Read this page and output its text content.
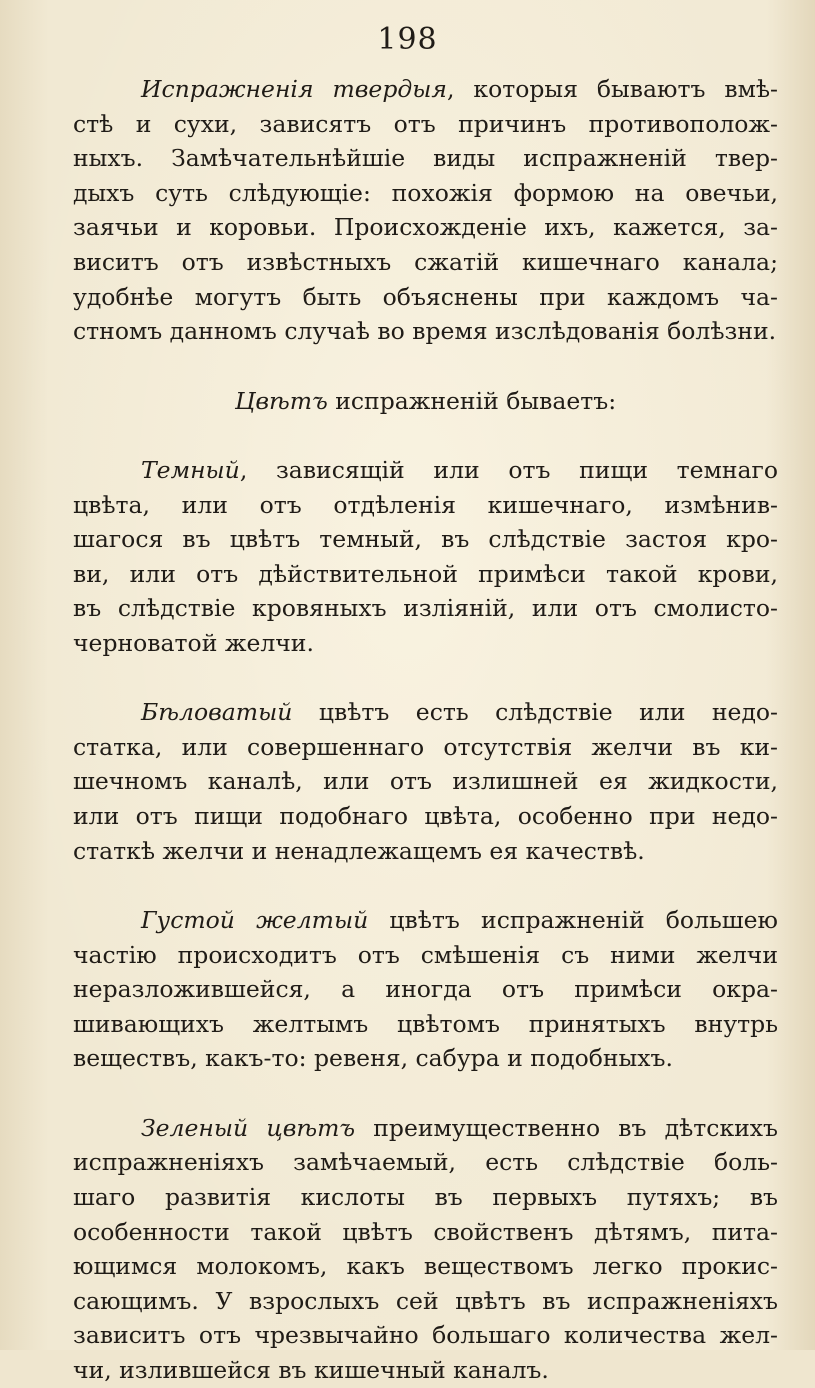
198
Испражненія твердыя, которыя бываютъ вмѣ-
стѣ и сухи, зависятъ отъ причинъ противополож-
ныхъ. Замѣчательнѣйшіе виды испражненій твер-
дыхъ суть слѣдующіе: похожія формою на овечьи,
заячьи и коровьи. Происхожденіе ихъ, кажется, за-
виситъ отъ извѣстныхъ сжатій кишечнаго канала;
удобнѣе могутъ быть объяснены при каждомъ ча-
стномъ данномъ случаѣ во время изслѣдованія болѣзни.
Цвѣтъ испражненій бываетъ:
Темный, зависящій или отъ пищи темнаго
цвѣта, или отъ отдѣленія кишечнаго, измѣнив-
шагося въ цвѣтъ темный, въ слѣдствіе застоя кро-
ви, или отъ дѣйствительной примѣси такой крови,
въ слѣдствіе кровяныхъ изліяній, или отъ смолисто-
черноватой желчи.
Бѣловатый цвѣтъ есть слѣдствіе или недо-
статка, или совершеннаго отсутствія желчи въ ки-
шечномъ каналѣ, или отъ излишней ея жидкости,
или отъ пищи подобнаго цвѣта, особенно при недо-
статкѣ желчи и ненадлежащемъ ея качествѣ.
Густой желтый цвѣтъ испражненій большею
частію происходитъ отъ смѣшенія съ ними желчи
неразложившейся, а иногда отъ примѣси окра-
шивающихъ желтымъ цвѣтомъ принятыхъ внутрь
веществъ, какъ-то: ревеня, сабура и подобныхъ.
Зеленый цвѣтъ преимущественно въ дѣтскихъ
испражненіяхъ замѣчаемый, есть слѣдствіе боль-
шаго развитія кислоты въ первыхъ путяхъ; въ
особенности такой цвѣтъ свойственъ дѣтямъ, пита-
ющимся молокомъ, какъ веществомъ легко прокис-
сающимъ. У взрослыхъ сей цвѣтъ въ испражненіяхъ
зависитъ отъ чрезвычайно большаго количества жел-
чи, излившейся въ кишечный каналъ.
